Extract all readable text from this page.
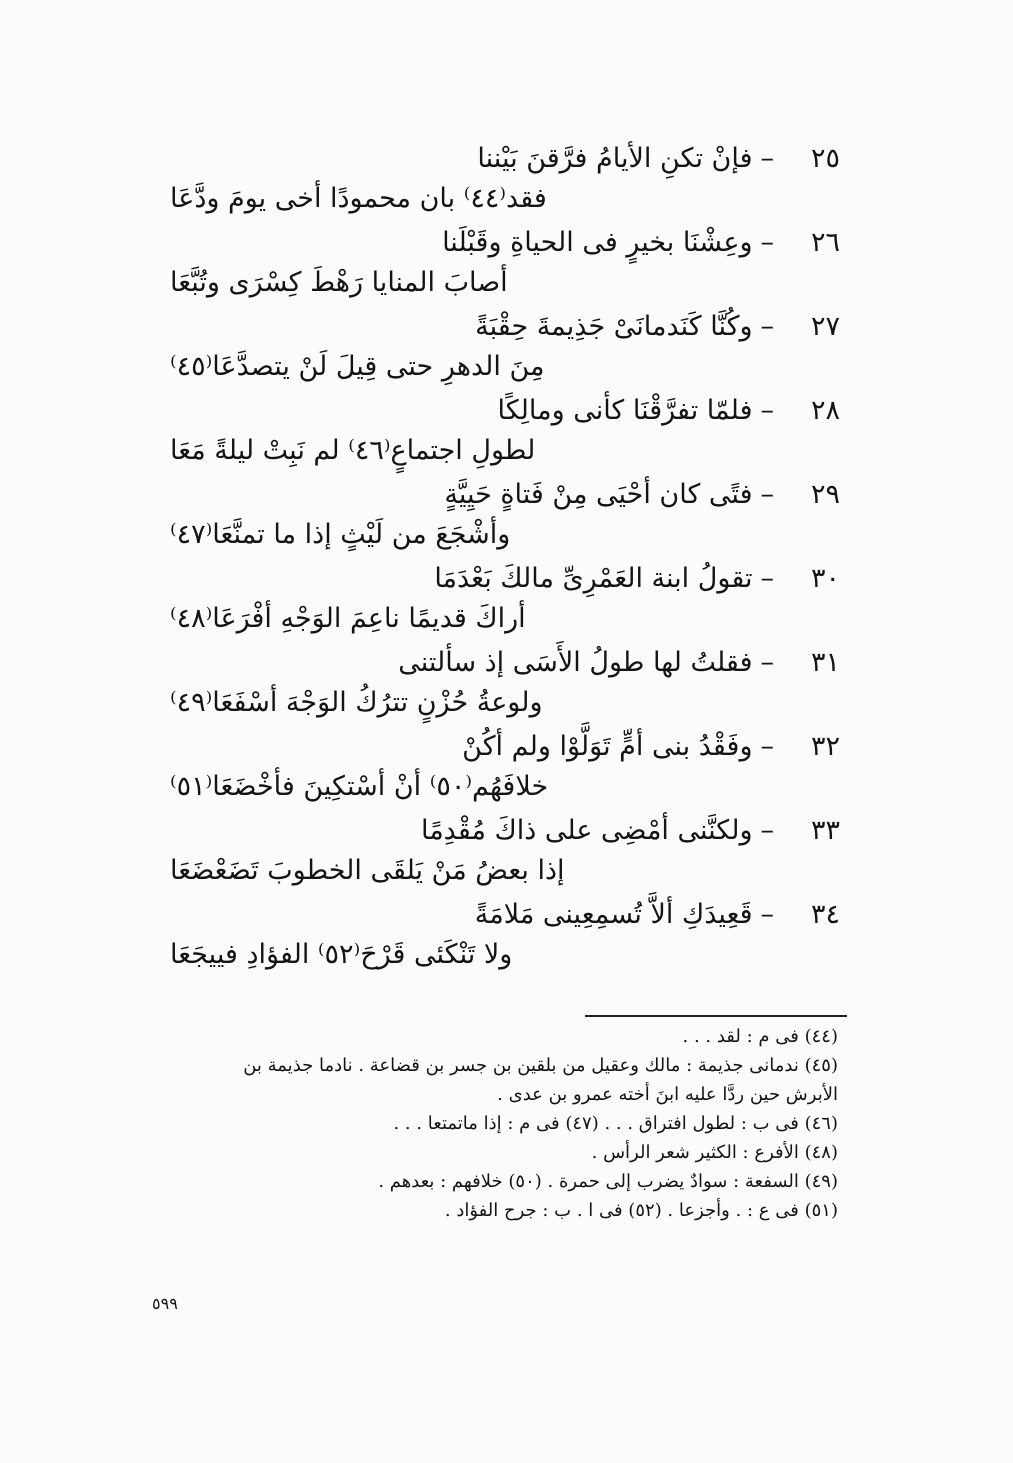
٢٥–فإنْ تكنِ الأيامُ فرَّقنَ بَيْننا
فقد⁽٤٤⁾ بان محمودًا أخى يومَ ودَّعَا
٢٦–وعِشْنَا بخيرٍ فى الحياةِ وقَبْلَنا
أصابَ المنايا رَهْطَ كِسْرَى وتُبَّعَا
٢٧–وكُنَّا كَنَدمانَىْ جَذِيمةَ حِقْبَةً
مِنَ الدهرِ حتى قِيلَ لَنْ يتصدَّعَا⁽٤٥⁾
٢٨–فلمّا تفرَّقْنَا كأنى ومالِكًا
لطولِ اجتماعٍ⁽٤٦⁾ لم نَبِتْ ليلةً مَعَا
٢٩–فتًى كان أحْيَى مِنْ فَتاةٍ حَيِيَّةٍ
وأشْجَعَ من لَيْثٍ إذا ما تمنَّعَا⁽٤٧⁾
٣٠–تقولُ ابنة العَمْرِىِّ مالكَ بَعْدَمَا
أراكَ قديمًا ناعِمَ الوَجْهِ أفْرَعَا⁽٤٨⁾
٣١–فقلتُ لها طولُ الأَسَى إذ سألتنى
ولوعةُ حُزْنٍ تترُكُ الوَجْهَ أسْفَعَا⁽٤٩⁾
٣٢–وفَقْدُ بنى أمٍّ تَوَلَّوْا ولم أكُنْ
خلافَهُم⁽٥٠⁾ أنْ أسْتكِينَ فأخْضَعَا⁽٥١⁾
٣٣–ولكنَّنى أمْضِى على ذاكَ مُقْدِمًا
إذا بعضُ مَنْ يَلقَى الخطوبَ تَضَعْضَعَا
٣٤–قَعِيدَكِ ألاَّ تُسمِعِينى مَلامَةً
ولا تَنْكَئى قَرْحَ⁽٥٢⁾ الفؤادِ فييجَعَا
(٤٤) فى م : لقد . . .
(٤٥) ندمانى جذيمة : مالك وعقيل من بلقين بن جسر بن قضاعة . نادما جذيمة بن
الأبرش حين ردَّا عليه ابنَ أخته عمرو بن عدى .
(٤٦) فى ب : لطول افتراق . . . (٤٧) فى م : إذا ماتمتعا . . .
(٤٨) الأفرع : الكثير شعر الرأس .
(٤٩) السفعة : سوادٌ يضرب إلى حمرة . (٥٠) خلافهم : بعدهم .
(٥١) فى ع : . وأجزعا . (٥٢) فى ا . ب : جرح الفؤاد .
٥٩٩
